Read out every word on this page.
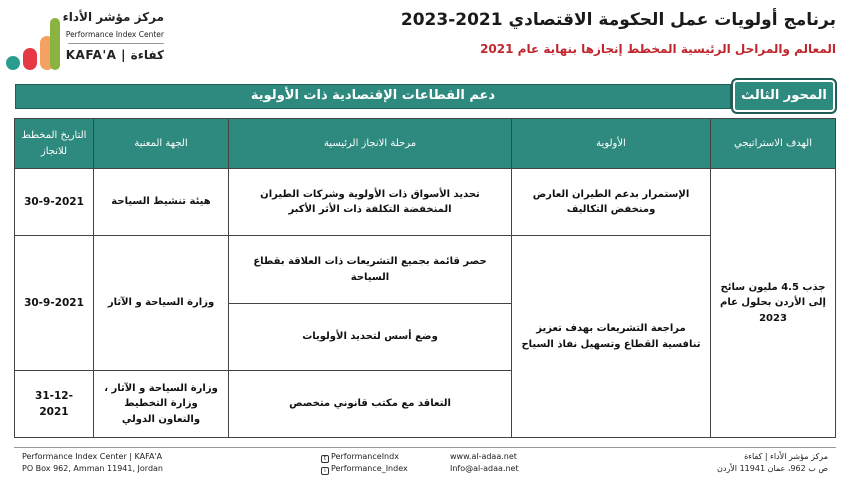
برنامج أولويات عمل الحكومة الاقتصادي 2021-2023
المعالم والمراحل الرئيسية المخطط إنجازها بنهاية عام 2021
مركز مؤشر الأداء
Performance Index Center
KAFA'A | كفاءة
دعم القطاعات الإقتصادية ذات الأولوية	المحور الثالث
الهدف الاستراتيجي
الأولوية
مرحلة الانجاز الرئيسية
الجهة المعنية
التاريخ المخطط للانجاز
جذب 4.5 مليون سائح إلى الأردن بحلول عام 2023
الإستمرار بدعم الطيران العارض ومنخفض التكاليف
مراجعة التشريعات بهدف تعزيز تنافسية القطاع وتسهيل نفاذ السياح
تحديد الأسواق ذات الأولوية وشركات الطيران المنخفضة التكلفة ذات الأثر الأكبر
حصر قائمة بجميع التشريعات ذات العلاقة بقطاع السياحة
وضع أسس لتحديد الأولويات
التعاقد مع مكتب قانوني متخصص
هيئة تنشيط السياحة
وزارة السياحة و الآثار
وزارة السياحة و الآثار ، وزارة التخطيط والتعاون الدولي
30-9-2021
30-9-2021
31-12-2021
Performance Index Center | KAFA'A
PO Box 962, Amman 11941, Jordan
t PerformanceIndx
i Performance_Index
www.al-adaa.net
Info@al-adaa.net
مركز مؤشر الأداء | كفاءة
ص ب 962، عمان 11941 الأردن
